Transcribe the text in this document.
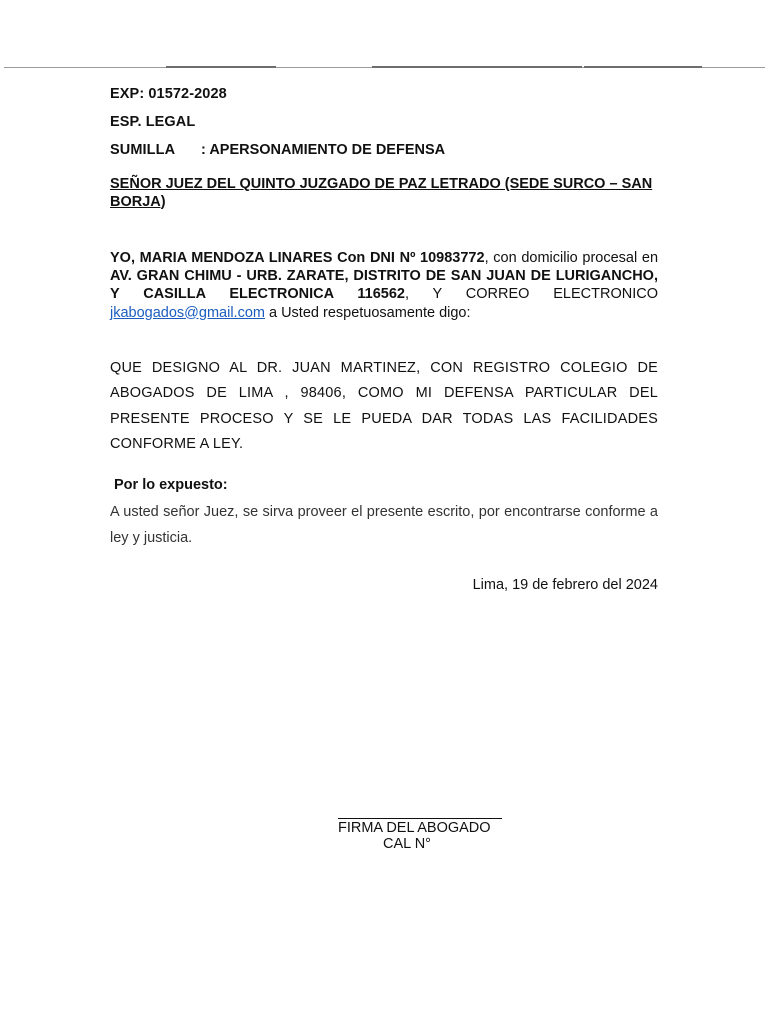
EXP: 01572-2028
ESP. LEGAL
SUMILLA : APERSONAMIENTO DE DEFENSA
SEÑOR JUEZ DEL QUINTO JUZGADO DE PAZ LETRADO (SEDE SURCO – SAN BORJA)
YO, MARIA MENDOZA LINARES Con DNI Nº 10983772, con domicilio procesal en AV. GRAN CHIMU - URB. ZARATE, DISTRITO DE SAN JUAN DE LURIGANCHO, Y CASILLA ELECTRONICA 116562, Y CORREO ELECTRONICO jkabogados@gmail.com a Usted respetuosamente digo:
QUE DESIGNO AL DR. JUAN MARTINEZ, CON REGISTRO COLEGIO DE ABOGADOS DE LIMA , 98406, COMO MI DEFENSA PARTICULAR DEL PRESENTE PROCESO Y SE LE PUEDA DAR TODAS LAS FACILIDADES CONFORME A LEY.
Por lo expuesto:
A usted señor Juez, se sirva proveer el presente escrito, por encontrarse conforme a ley y justicia.
Lima, 19 de febrero del 2024
FIRMA DEL ABOGADO
CAL N°
